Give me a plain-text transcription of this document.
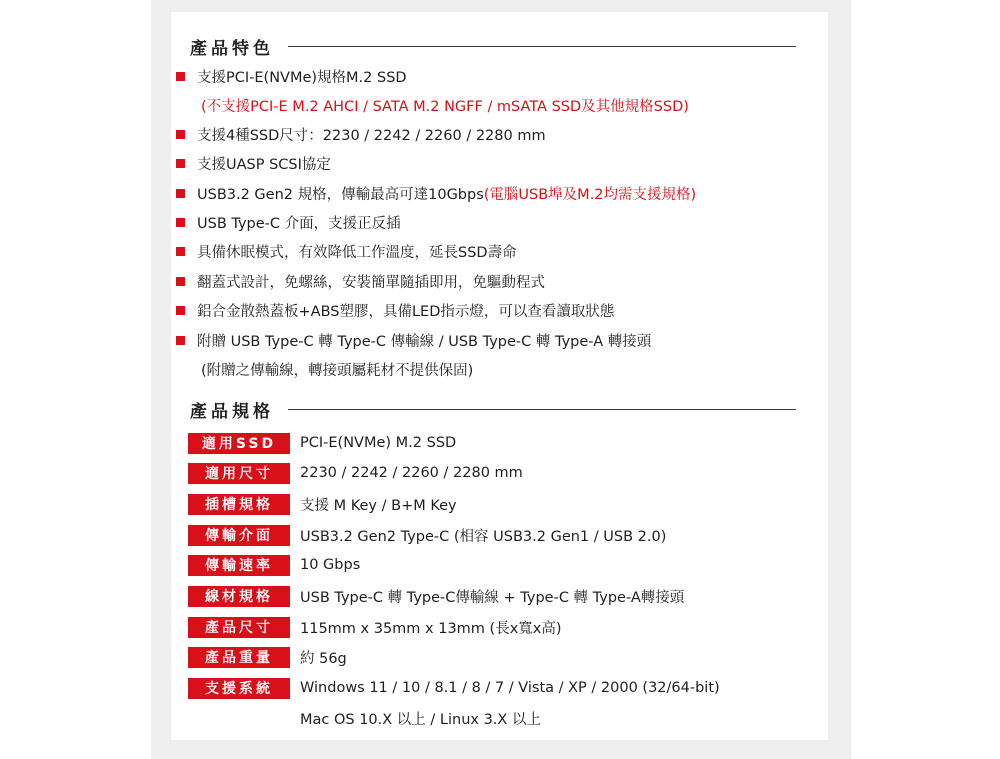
產品特色
支援PCI-E(NVMe)規格M.2 SSD
(不支援PCI-E M.2 AHCI / SATA M.2 NGFF / mSATA SSD及其他規格SSD)
支援4種SSD尺寸：2230 / 2242 / 2260 / 2280 mm
支援UASP SCSI協定
USB3.2 Gen2 規格，傳輸最高可達10Gbps (電腦USB埠及M.2均需支援規格)
USB Type-C 介面，支援正反插
具備休眠模式，有效降低工作溫度，延長SSD壽命
翻蓋式設計，免螺絲，安裝簡單隨插即用，免驅動程式
鋁合金散熱蓋板+ABS塑膠，具備LED指示燈，可以查看讀取狀態
附贈 USB Type-C 轉 Type-C 傳輸線 / USB Type-C 轉 Type-A 轉接頭
(附贈之傳輸線，轉接頭屬耗材不提供保固)
產品規格
適用SSD	PCI-E(NVMe) M.2 SSD
適用尺寸	2230 / 2242 / 2260 / 2280 mm
插槽規格	支援 M Key / B+M Key
傳輸介面	USB3.2 Gen2 Type-C (相容 USB3.2 Gen1 / USB 2.0)
傳輸速率	10 Gbps
線材規格	USB Type-C 轉 Type-C傳輸線 + Type-C 轉 Type-A轉接頭
產品尺寸	115mm x 35mm x 13mm (長x寬x高)
產品重量	約 56g
支援系統	Windows 11 / 10 / 8.1 / 8 / 7 / Vista / XP / 2000 (32/64-bit)
Mac OS 10.X 以上 / Linux 3.X 以上
